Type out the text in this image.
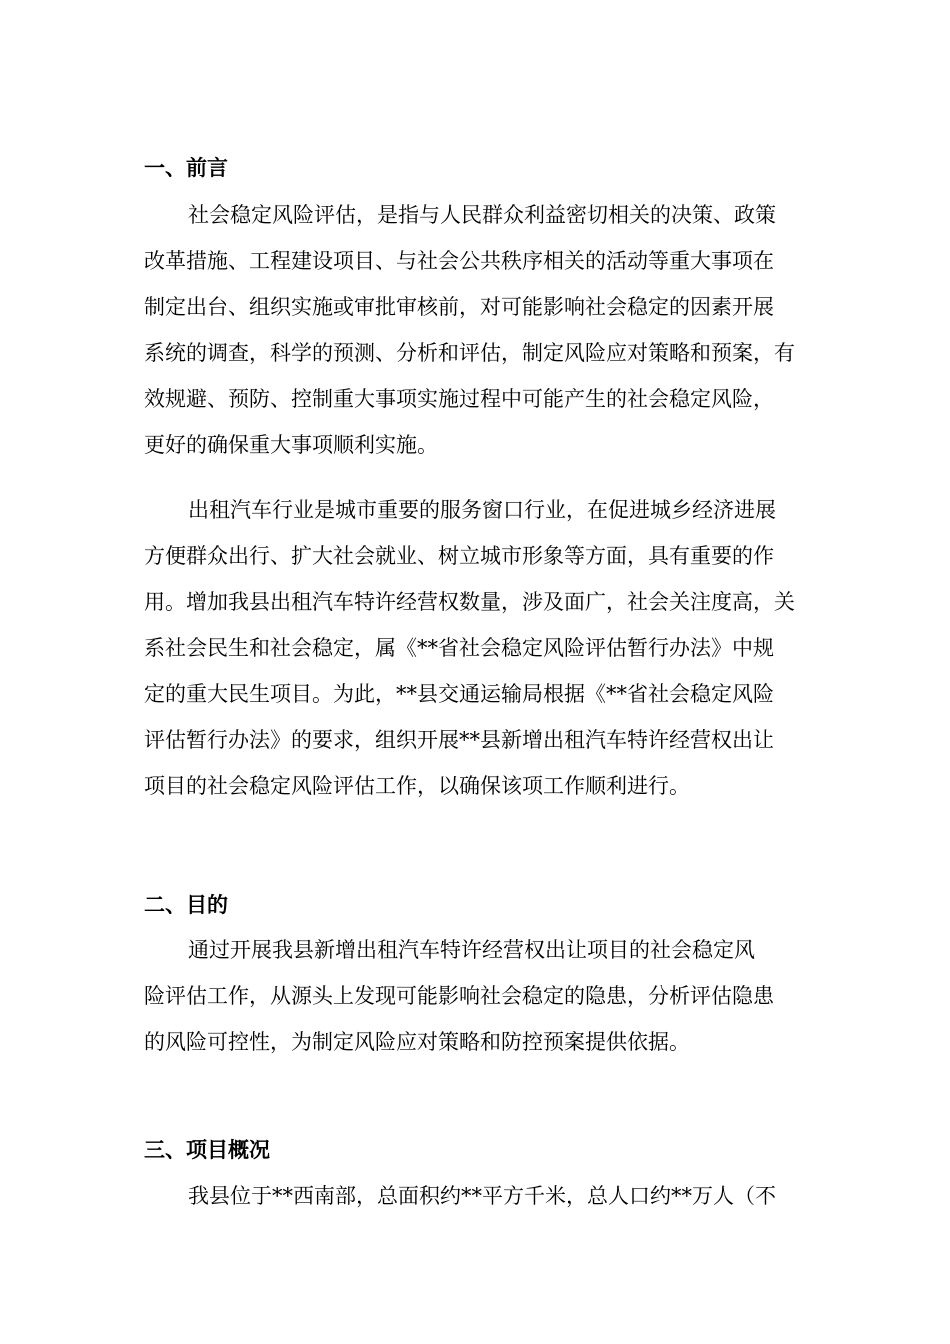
一、前言
社会稳定风险评估，是指与人民群众利益密切相关的决策、政策
改革措施、工程建设项目、与社会公共秩序相关的活动等重大事项在
制定出台、组织实施或审批审核前，对可能影响社会稳定的因素开展
系统的调查，科学的预测、分析和评估，制定风险应对策略和预案，有
效规避、预防、控制重大事项实施过程中可能产生的社会稳定风险，
更好的确保重大事项顺利实施。
出租汽车行业是城市重要的服务窗口行业，在促进城乡经济进展
方便群众出行、扩大社会就业、树立城市形象等方面，具有重要的作
用。增加我县出租汽车特许经营权数量，涉及面广，社会关注度高，关
系社会民生和社会稳定，属《**省社会稳定风险评估暂行办法》中规
定的重大民生项目。为此，**县交通运输局根据《**省社会稳定风险
评估暂行办法》的要求，组织开展**县新增出租汽车特许经营权出让
项目的社会稳定风险评估工作，以确保该项工作顺利进行。
二、目的
通过开展我县新增出租汽车特许经营权出让项目的社会稳定风
险评估工作，从源头上发现可能影响社会稳定的隐患，分析评估隐患
的风险可控性，为制定风险应对策略和防控预案提供依据。
三、项目概况
我县位于**西南部，总面积约**平方千米，总人口约**万人（不
